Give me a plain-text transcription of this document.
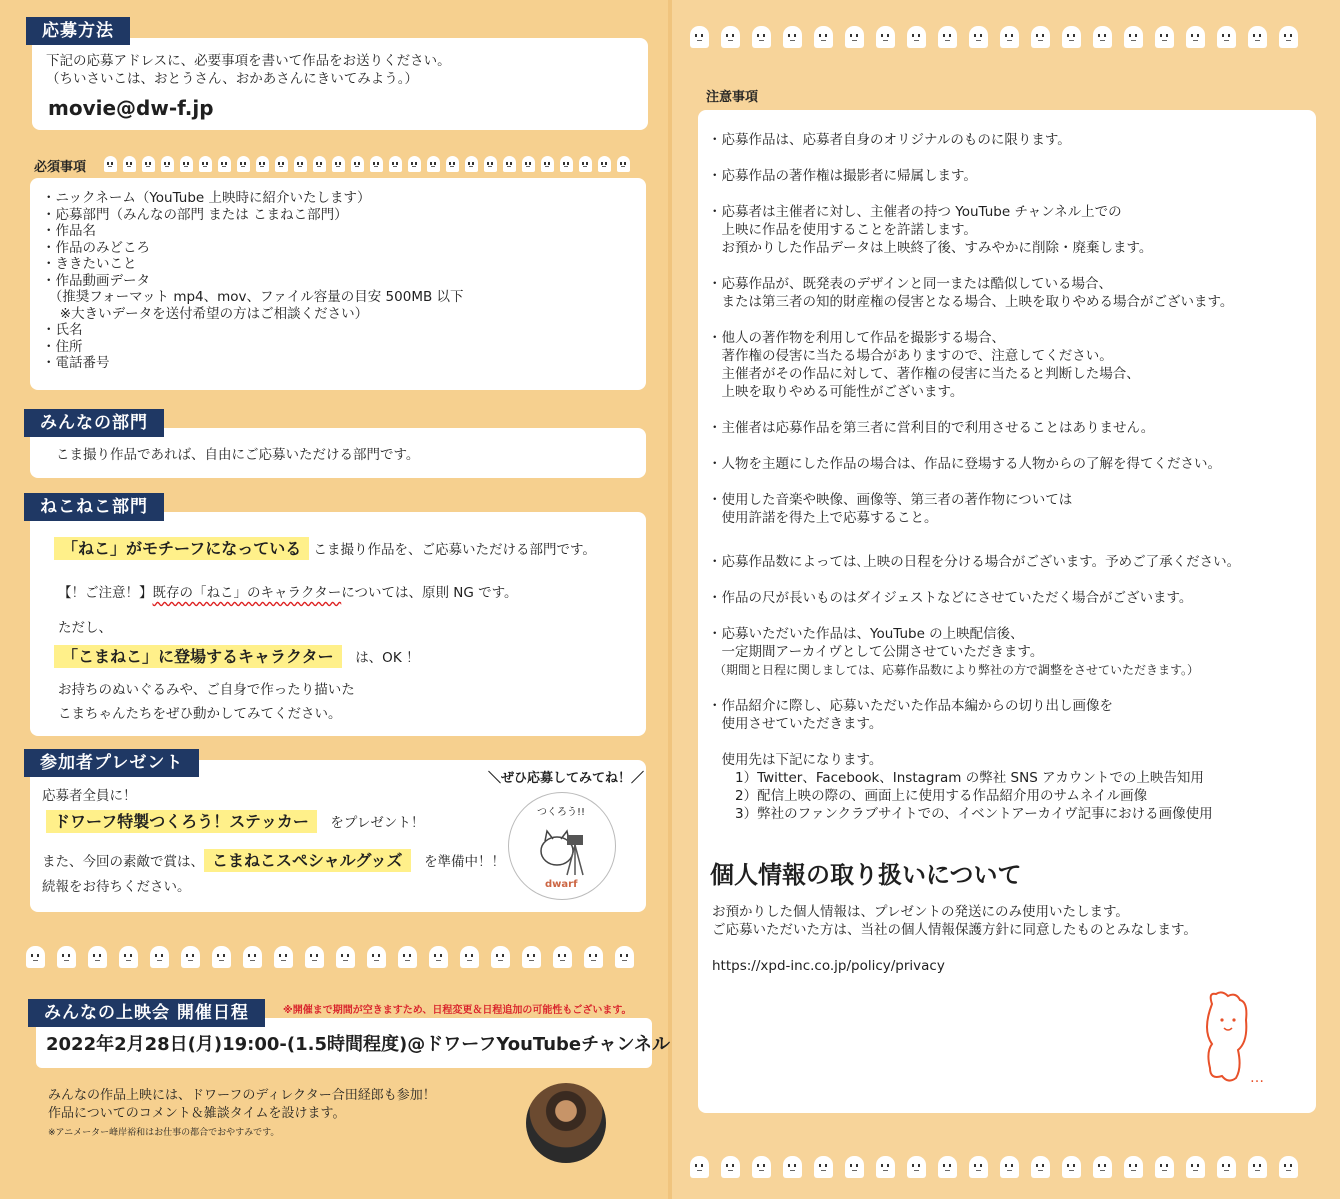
応募方法
下記の応募アドレスに、必要事項を書いて作品をお送りください。
（ちいさいこは、おとうさん、おかあさんにきいてみよう。）
movie@dw-f.jp
必須事項
・ニックネーム（YouTube 上映時に紹介いたします）
・応募部門（みんなの部門 または こまねこ部門）
・作品名
・作品のみどころ
・ききたいこと
・作品動画データ
　（推奨フォーマット mp4、mov、ファイル容量の目安 500MB 以下
　 ※大きいデータを送付希望の方はご相談ください）
・氏名
・住所
・電話番号
みんなの部門
こま撮り作品であれば、自由にご応募いただける部門です。
ねこねこ部門
「ねこ」がモチーフになっている こま撮り作品を、ご応募いただける部門です。
【！ご注意！】既存の「ねこ」のキャラクターについては、原則 NG です。
ただし、
「こまねこ」に登場するキャラクター　 は、OK ！
お持ちのぬいぐるみや、ご自身で作ったり描いた
こまちゃんたちをぜひ動かしてみてください。
参加者プレゼント
応募者全員に！
ドワーフ特製つくろう！ステッカー　 をプレゼント！
また、今回の素敵で賞は、 こまねこスペシャルグッズ　 を準備中！！
続報をお待ちください。
＼ぜひ応募してみてね！／
つくろう!!
dwarf
みんなの上映会 開催日程	※開催まで期間が空きますため、日程変更＆日程追加の可能性もございます。
2022年2月28日(月)19:00-(1.5時間程度)@ドワーフYouTubeチャンネル
みんなの作品上映には、ドワーフのディレクター合田経郎も参加！
作品についてのコメント＆雑談タイムを設けます。
※アニメーター峰岸裕和はお仕事の都合でおやすみです。
注意事項
・応募作品は、応募者自身のオリジナルのものに限ります。
・応募作品の著作権は撮影者に帰属します。
・応募者は主催者に対し、主催者の持つ YouTube チャンネル上での
　上映に作品を使用することを許諾します。
　お預かりした作品データは上映終了後、すみやかに削除・廃棄します。
・応募作品が、既発表のデザインと同一または酷似している場合、
　または第三者の知的財産権の侵害となる場合、上映を取りやめる場合がございます。
・他人の著作物を利用して作品を撮影する場合、
　著作権の侵害に当たる場合がありますので、注意してください。
　主催者がその作品に対して、著作権の侵害に当たると判断した場合、
　上映を取りやめる可能性がございます。
・主催者は応募作品を第三者に営利目的で利用させることはありません。
・人物を主題にした作品の場合は、作品に登場する人物からの了解を得てください。
・使用した音楽や映像、画像等、第三者の著作物については
　使用許諾を得た上で応募すること。
・応募作品数によっては､上映の日程を分ける場合がございます。予めご了承ください。
・作品の尺が長いものはダイジェストなどにさせていただく場合がございます。
・応募いただいた作品は、YouTube の上映配信後、
　一定期間アーカイヴとして公開させていただきます。
　（期間と日程に関しましては、応募作品数により弊社の方で調整をさせていただきます。）
・作品紹介に際し、応募いただいた作品本編からの切り出し画像を
　使用させていただきます。
　使用先は下記になります。
　　1）Twitter、Facebook、Instagram の弊社 SNS アカウントでの上映告知用
　　2）配信上映の際の、画面上に使用する作品紹介用のサムネイル画像
　　3）弊社のファンクラブサイトでの、イベントアーカイヴ記事における画像使用
個人情報の取り扱いについて
お預かりした個人情報は、プレゼントの発送にのみ使用いたします。
ご応募いただいた方は、当社の個人情報保護方針に同意したものとみなします。
https://xpd-inc.co.jp/policy/privacy
…
